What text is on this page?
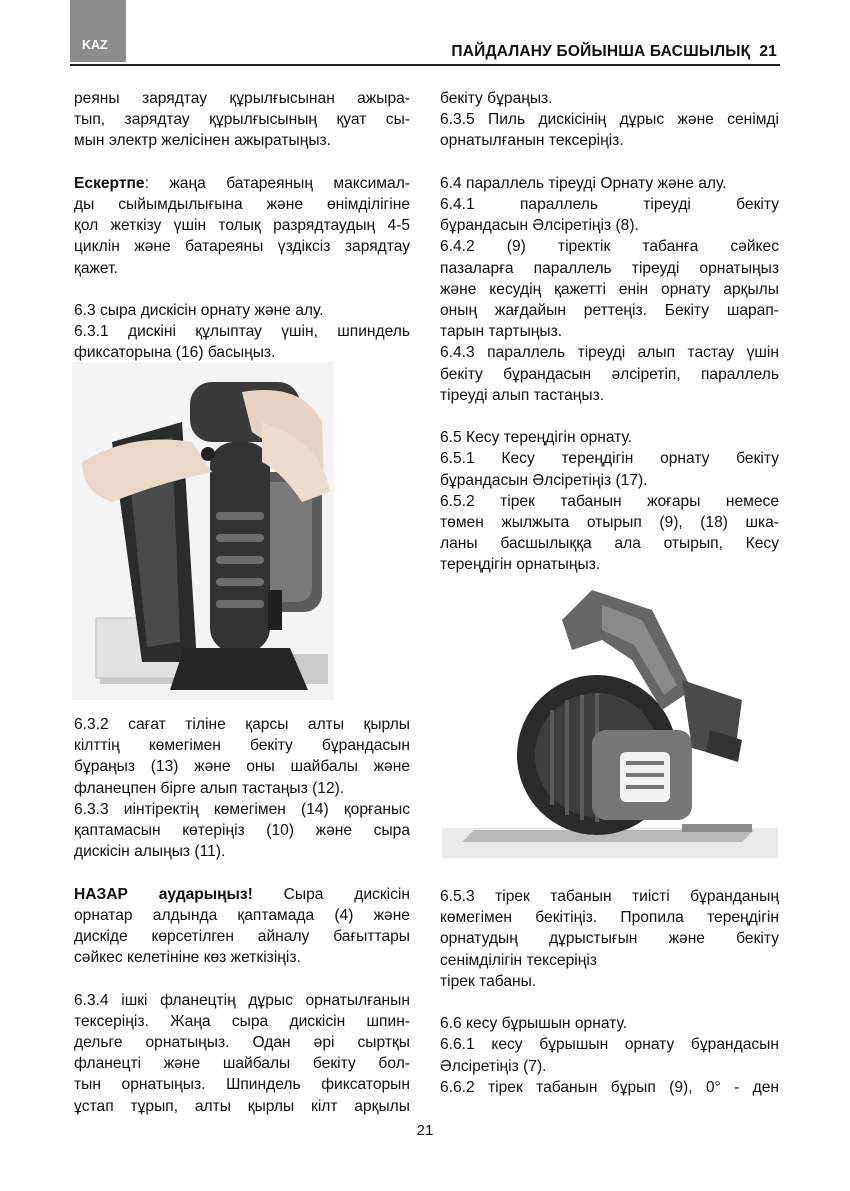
KAZ	ПАЙДАЛАНУ БОЙЫНША БАСШЫЛЫҚ 21

реяны зарядтау құрылғысынан ажыра-

тып, зарядтау құрылғысының қуат сы-

мын электр желісінен ажыратыңыз.

Ескертпе: жаңа батареяның максимал-

ды сыйымдылығына және өнімділігіне

қол жеткізу үшін толық разрядтаудың 4-5

циклін және батареяны үздіксіз зарядтау

қажет.

6.3 сыра дискісін орнату және алу.

6.3.1 дискіні құлыптау үшін, шпиндель

фиксаторына (16) басыңыз.

6.3.2 сағат тіліне қарсы алты қырлы

кілттің көмегімен бекіту бұрандасын

бұраңыз (13) және оны шайбалы және

фланецпен бірге алып тастаңыз (12).

6.3.3 иінтіректің көмегімен (14) қорғаныс

қаптамасын көтеріңіз (10) және сыра

дискісін алыңыз (11).

НАЗАР аударыңыз! Сыра дискісін

орнатар алдында қаптамада (4) және

дискіде көрсетілген айналу бағыттары

сәйкес келетініне көз жеткізіңіз.

6.3.4 ішкі фланецтің дұрыс орнатылғанын

тексеріңіз. Жаңа сыра дискісін шпин-

дельге орнатыңыз. Одан әрі сыртқы

фланецті және шайбалы бекіту бол-

тын орнатыңыз. Шпиндель фиксаторын

ұстап тұрып, алты қырлы кілт арқылы

бекіту бұраңыз.

6.3.5 Пиль дискісінің дұрыс және сенімді

орнатылғанын тексеріңіз.

6.4 параллель тіреуді Орнату және алу.

6.4.1 параллель тіреуді бекіту

бұрандасын Әлсіретіңіз (8).

6.4.2 (9) тіректік табанға сәйкес

пазаларға параллель тіреуді орнатыңыз

және кесудің қажетті енін орнату арқылы

оның жағдайын реттеңіз. Бекіту шарап-

тарын тартыңыз.

6.4.3 параллель тіреуді алып тастау үшін

бекіту бұрандасын әлсіретіп, параллель

тіреуді алып тастаңыз.

6.5 Кесу тереңдігін орнату.

6.5.1 Кесу тереңдігін орнату бекіту

бұрандасын Әлсіретіңіз (17).

6.5.2 тірек табанын жоғары немесе

төмен жылжыта отырып (9), (18) шка-

ланы басшылыққа ала отырып, Кесу

тереңдігін орнатыңыз.

6.5.3 тірек табанын тиісті бұранданың

көмегімен бекітіңіз. Пропила тереңдігін

орнатудың дұрыстығын және бекіту

сенімділігін тексеріңіз

тірек табаны.

6.6 кесу бұрышын орнату.

6.6.1 кесу бұрышын орнату бұрандасын

Әлсіретіңіз (7).

6.6.2 тірек табанын бұрып (9), 0° - ден

21
